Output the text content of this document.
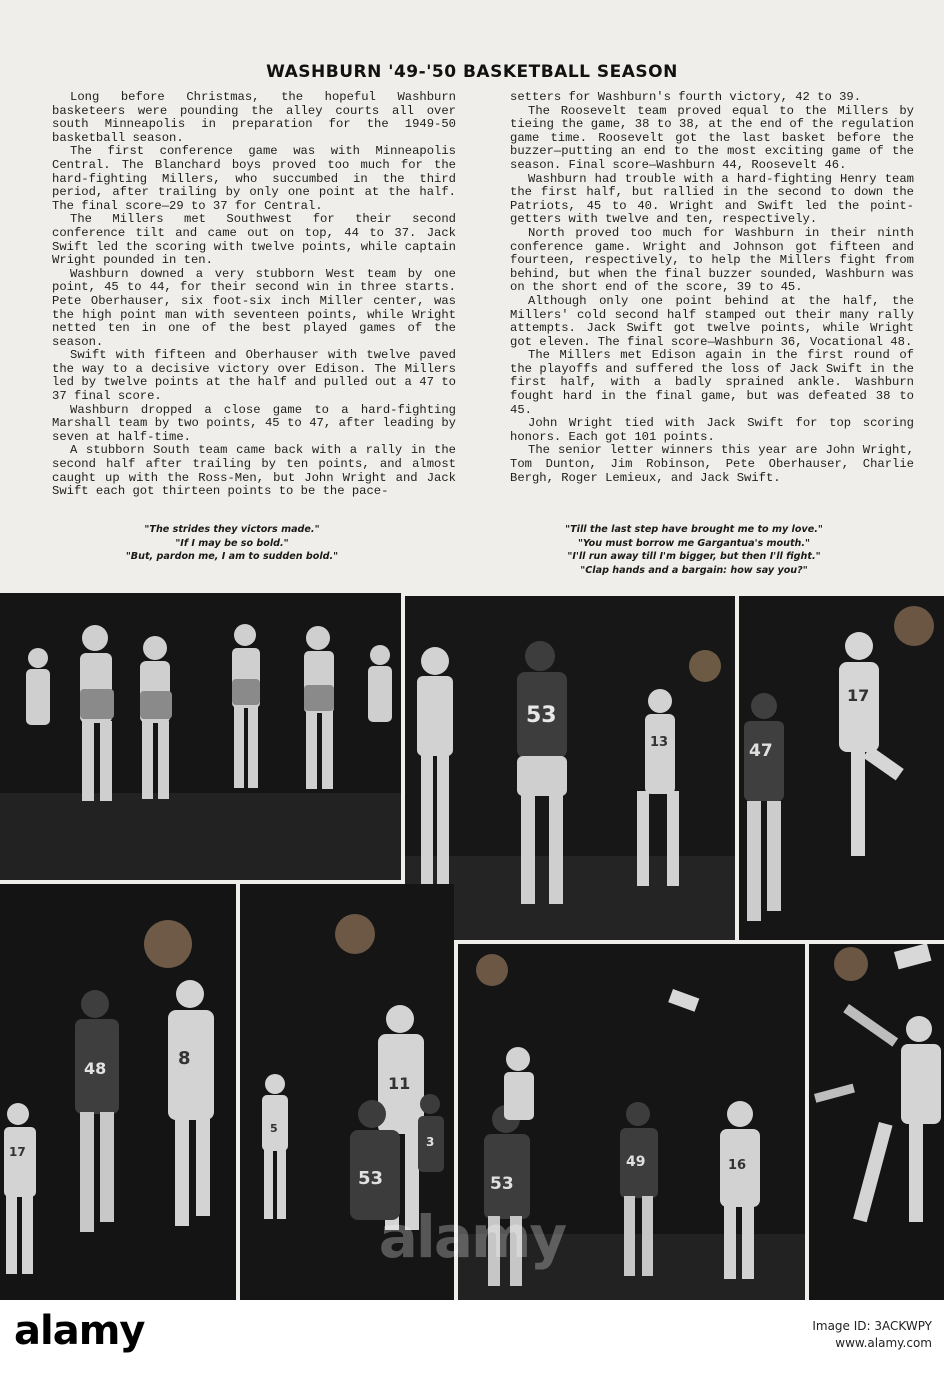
WASHBURN '49-'50 BASKETBALL SEASON

Long before Christmas, the hopeful Washburn basketeers were pounding the alley courts all over south Minneapolis in preparation for the 1949-50 basketball season.

The first conference game was with Minneapolis Central. The Blanchard boys proved too much for the hard-fighting Millers, who succumbed in the third period, after trailing by only one point at the half. The final score—29 to 37 for Central.

The Millers met Southwest for their second conference tilt and came out on top, 44 to 37. Jack Swift led the scoring with twelve points, while captain Wright pounded in ten.

Washburn downed a very stubborn West team by one point, 45 to 44, for their second win in three starts. Pete Oberhauser, six foot-six inch Miller center, was the high point man with seventeen points, while Wright netted ten in one of the best played games of the season.

Swift with fifteen and Oberhauser with twelve paved the way to a decisive victory over Edison. The Millers led by twelve points at the half and pulled out a 47 to 37 final score.

Washburn dropped a close game to a hard-fighting Marshall team by two points, 45 to 47, after leading by seven at half-time.

A stubborn South team came back with a rally in the second half after trailing by ten points, and almost caught up with the Ross-Men, but John Wright and Jack Swift each got thirteen points to be the pace-

setters for Washburn's fourth victory, 42 to 39.

The Roosevelt team proved equal to the Millers by tieing the game, 38 to 38, at the end of the regulation game time. Roosevelt got the last basket before the buzzer—putting an end to the most exciting game of the season. Final score—Washburn 44, Roosevelt 46.

Washburn had trouble with a hard-fighting Henry team the first half, but rallied in the second to down the Patriots, 45 to 40. Wright and Swift led the point-getters with twelve and ten, respectively.

North proved too much for Washburn in their ninth conference game. Wright and Johnson got fifteen and fourteen, respectively, to help the Millers fight from behind, but when the final buzzer sounded, Washburn was on the short end of the score, 39 to 45.

Although only one point behind at the half, the Millers' cold second half stamped out their many rally attempts. Jack Swift got twelve points, while Wright got eleven. The final score—Washburn 36, Vocational 48.

The Millers met Edison again in the first round of the playoffs and suffered the loss of Jack Swift in the first half, with a badly sprained ankle. Washburn fought hard in the final game, but was defeated 38 to 45.

John Wright tied with Jack Swift for top scoring honors. Each got 101 points.

The senior letter winners this year are John Wright, Tom Dunton, Jim Robinson, Pete Oberhauser, Charlie Bergh, Roger Lemieux, and Jack Swift.

"The strides they victors made."
"If I may be so bold."
"But, pardon me, I am to sudden bold."
"Till the last step have brought me to my love."
"You must borrow me Gargantua's mouth."
"I'll run away till I'm bigger, but then I'll fight."
"Clap hands and a bargain: how say you?"
53
13	47
17
48	8
17
11
5
53
3
53
49	16
alamy
alamy	Image ID: 3ACKWPY
www.alamy.com
